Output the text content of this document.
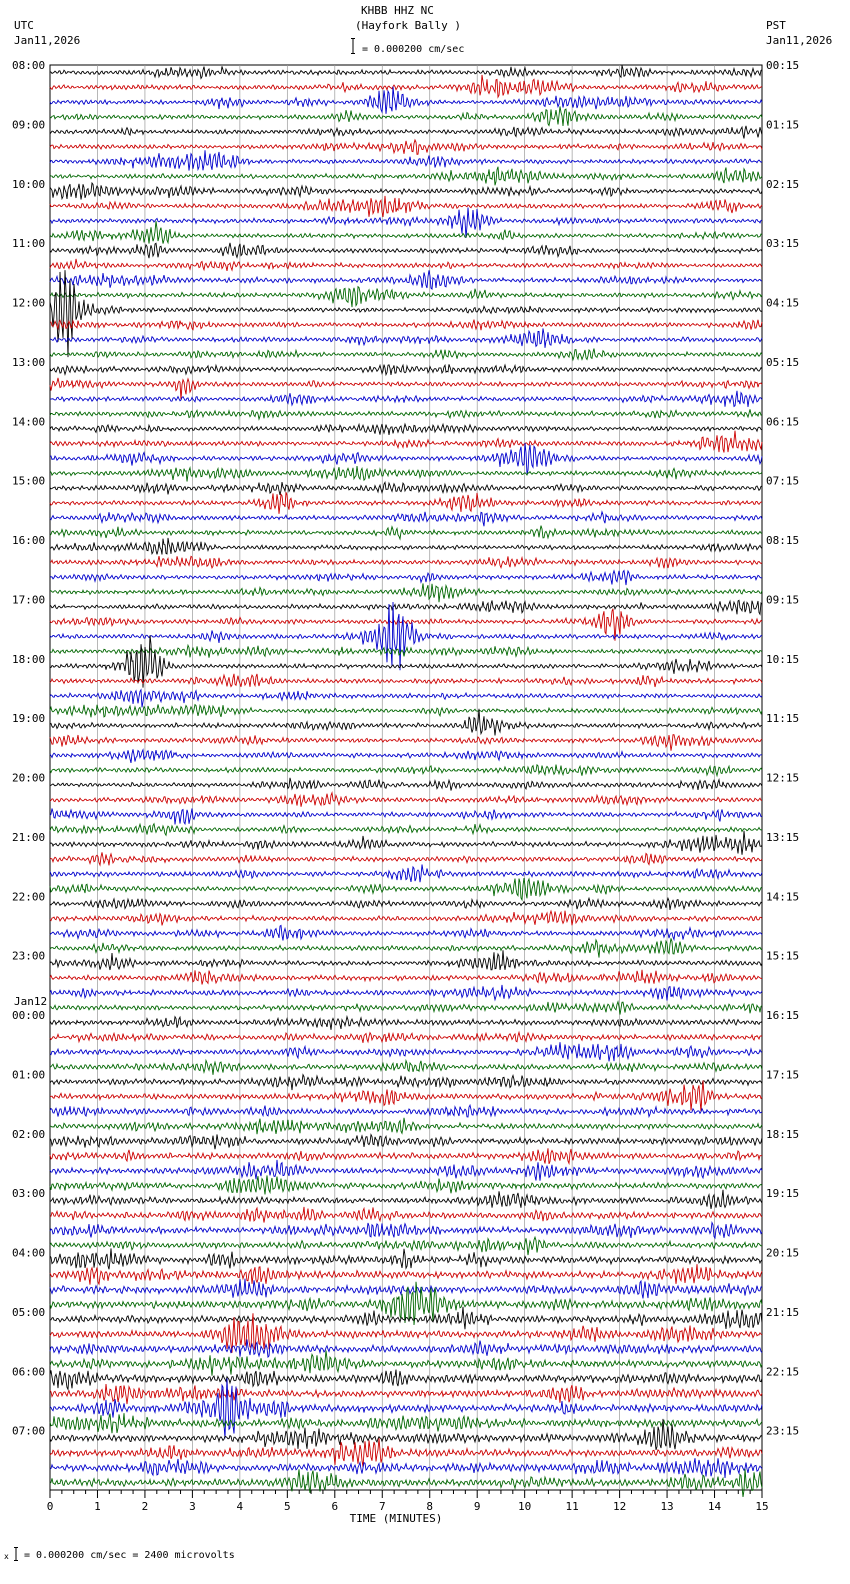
KHBB HHZ NC
(Hayfork Bally )
= 0.000200 cm/sec
UTC
Jan11,2026
PST
Jan11,2026
08:00	00:15
09:00	01:15
10:00	02:15
11:00	03:15
12:00	04:15
13:00	05:15
14:00	06:15
15:00	07:15
16:00	08:15
17:00	09:15
18:00	10:15
19:00	11:15
20:00	12:15
21:00	13:15
22:00	14:15
23:00	15:15
00:00	16:15
Jan12
01:00	17:15
02:00	18:15
03:00	19:15
04:00	20:15
05:00	21:15
06:00	22:15
07:00	23:15
0	1	2	3	4	5	6	7	8	9	10	11	12	13	14	15
TIME (MINUTES)
x = 0.000200 cm/sec = 2400 microvolts
